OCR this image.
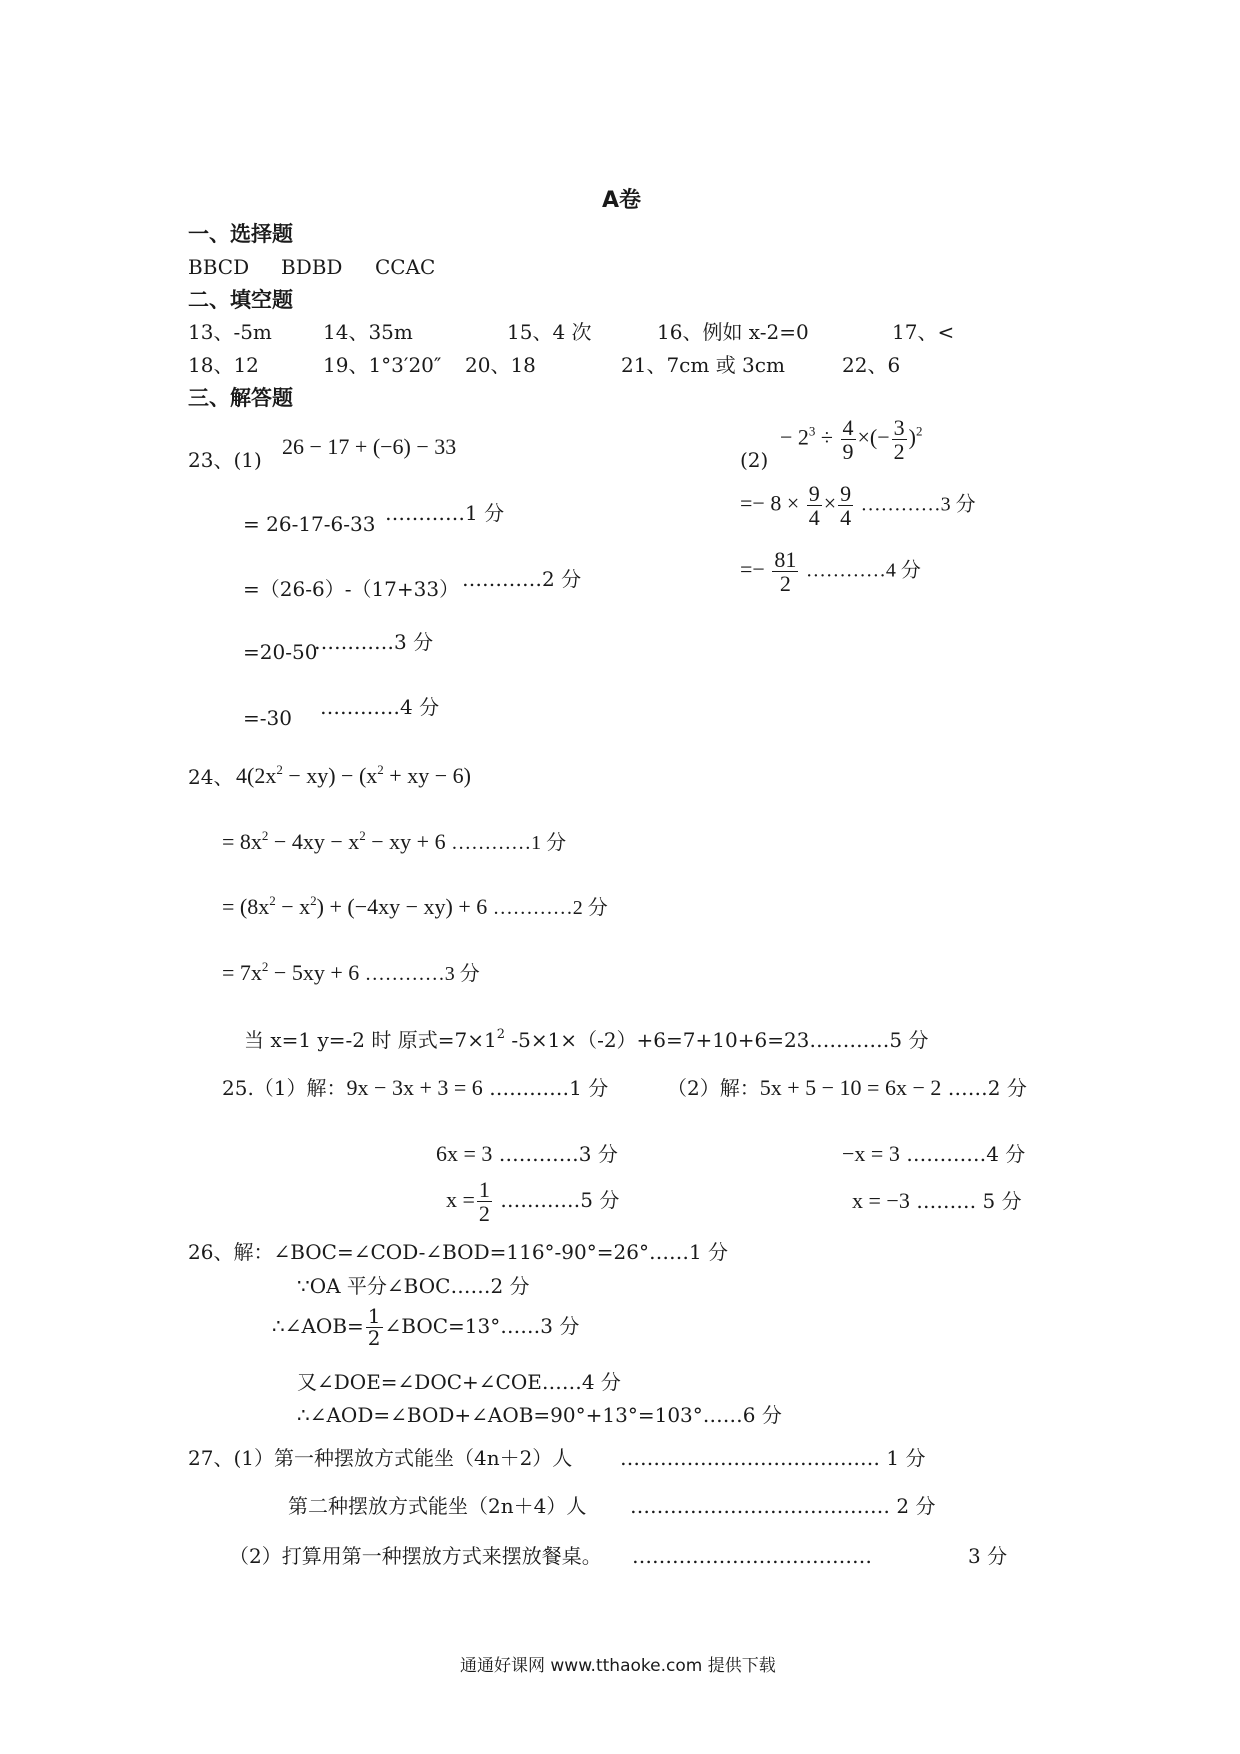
A卷
一、选择题
BBCD BDBD CCAC
二、填空题
13、-5m	14、35m	15、4 次	16、例如 x-2=0	17、<
18、12	19、1°3′20″ 20、18	21、7cm 或 3cm	22、6
三、解答题
23、(1)
26 − 17 + (−6) − 33
= 26-17-6-33 …………1 分
=（26-6）-（17+33） …………2 分
=20-50
…………3 分
=-30 …………4 分
(2)
− $2^3 \div \frac{4}{9}$ ×(− $\frac{3}{2} )^2$
=− $8 \times \frac{9}{4} \times \frac{9}{4}$ …………3 分
=− $\frac{81}{2}$ …………4 分
24、 $4(2x^2 - xy) - (x^2$ + xy − 6)
= $8x^2 - 4xy - x^2$ − xy + 6 …………1 分
= $(8x^2 - x^2) + (-4xy - xy) + 6$ …………2 分
= $7x^2 - 5xy + 6$ …………3 分
当 x=1 y=-2 时 原式$=7\times 1^2$ -5×1×（-2）+6=7+10+6=23…………5 分
25.（1）解：9x − 3x + 3 = 6 …………1 分	（2）解：5x + 5 − 10 = 6x − 2 ……2 分
6x = 3 …………3 分	−x = 3 …………4 分
$x = \frac{1}{2}$ …………5 分	x = −3 ……… 5 分
26、解：∠BOC=∠COD-∠BOD=116°-90°=26°……1 分
∵OA 平分∠BOC……2 分
∴∠AOB= $\frac{1}{2}$ ∠BOC=13°……3 分
又∠DOE=∠DOC+∠COE……4 分
∴∠AOD=∠BOD+∠AOB=90°+13°=103°……6 分
27、(1）第一种摆放方式能坐（4n＋2）人 ………………………………… 1 分
第二种摆放方式能坐（2n＋4）人 ………………………………… 2 分
（2）打算用第一种摆放方式来摆放餐桌。 ………………………………	3 分
通通好课网 www.tthaoke.com 提供下载
